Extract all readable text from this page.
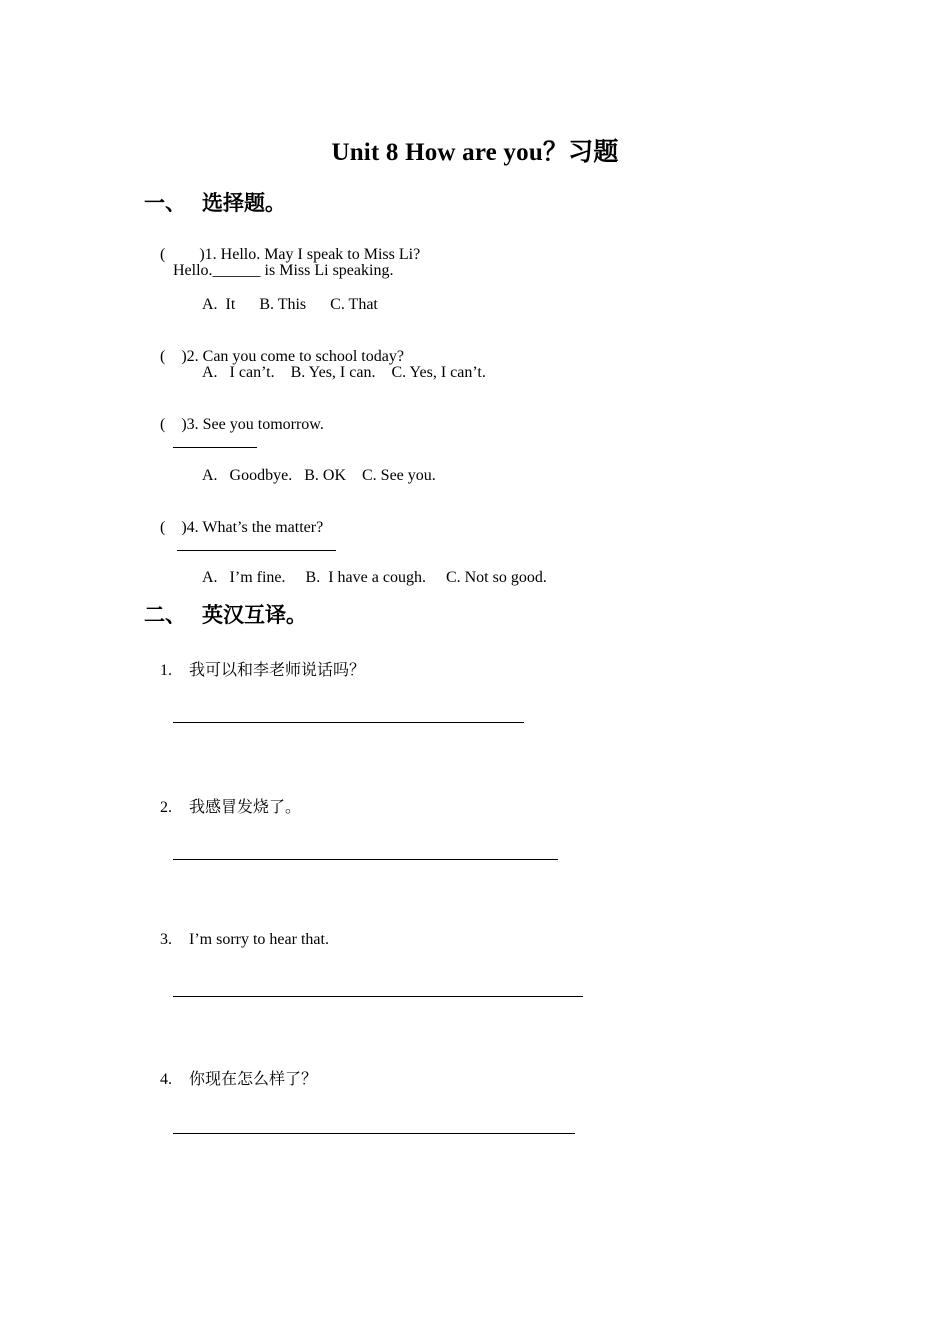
Unit 8 How are you？习题
一、 选择题。

( )1. Hello. May I speak to Miss Li?

Hello.______ is Miss Li speaking.
A.  It      B. This      C. That

( )2. Can you come to school today?

A.   I can’t.    B. Yes, I can.    C. Yes, I can’t.

( )3. See you tomorrow.

A.   Goodbye.   B. OK    C. See you.

( )4. What’s the matter?

A.   I’m fine.     B.  I have a cough.     C. Not so good.
二、 英汉互译。

1. 我可以和李老师说话吗？

2. 我感冒发烧了。

3. I’m sorry to hear that.

4. 你现在怎么样了？
